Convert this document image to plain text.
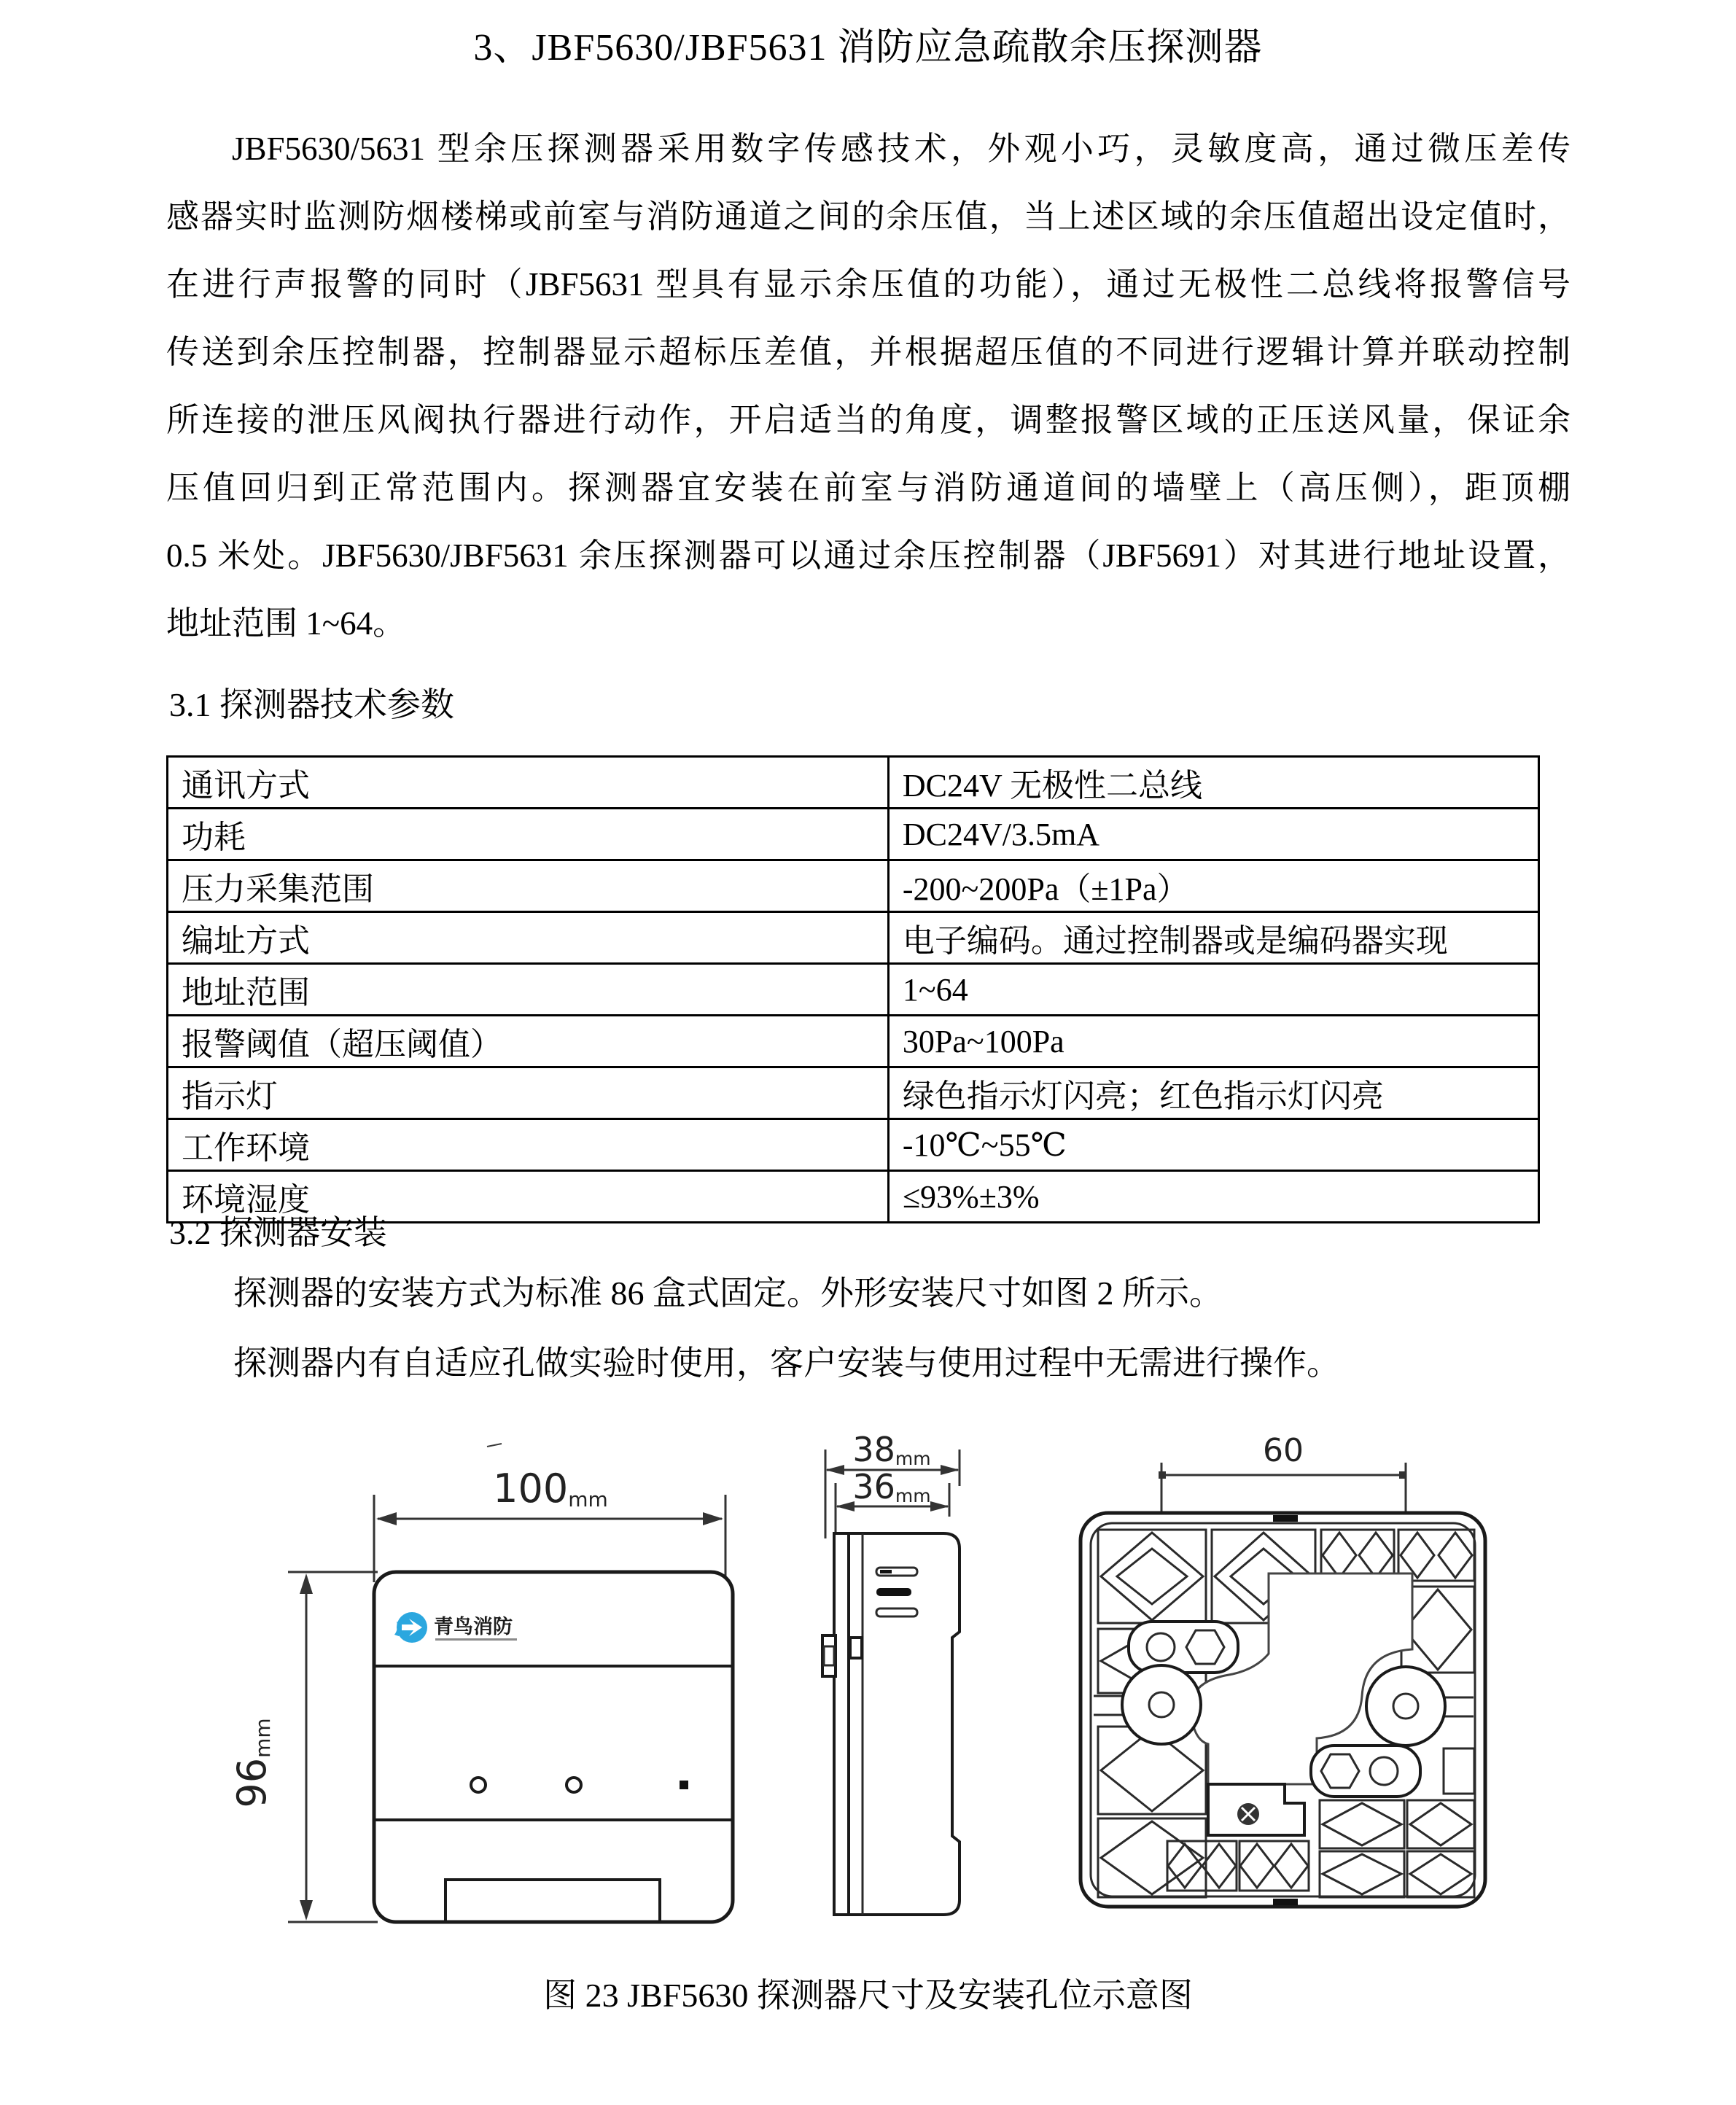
3、JBF5630/JBF5631 消防应急疏散余压探测器
JBF5630/5631 型余压探测器采用数字传感技术，外观小巧，灵敏度高，通过微压差传
感器实时监测防烟楼梯或前室与消防通道之间的余压值，当上述区域的余压值超出设定值时，
在进行声报警的同时（JBF5631 型具有显示余压值的功能），通过无极性二总线将报警信号
传送到余压控制器，控制器显示超标压差值，并根据超压值的不同进行逻辑计算并联动控制
所连接的泄压风阀执行器进行动作，开启适当的角度，调整报警区域的正压送风量，保证余
压值回归到正常范围内。探测器宜安装在前室与消防通道间的墙壁上（高压侧），距顶棚
0.5 米处。JBF5630/JBF5631 余压探测器可以通过余压控制器（JBF5691）对其进行地址设置，
地址范围 1~64。
3.1 探测器技术参数
通讯方式	DC24V 无极性二总线
功耗	DC24V/3.5mA
压力采集范围	-200~200Pa（±1Pa）
编址方式	电子编码。通过控制器或是编码器实现
地址范围	1~64
报警阈值（超压阈值）	30Pa~100Pa
指示灯	绿色指示灯闪亮；红色指示灯闪亮
工作环境	-10℃~55℃
环境湿度	≤93%±3%
3.2 探测器安装
探测器的安装方式为标准 86 盒式固定。外形安装尺寸如图 2 所示。
探测器内有自适应孔做实验时使用，客户安装与使用过程中无需进行操作。
100mm
96mm
青鸟消防
38mm
36mm
60
图 23 JBF5630 探测器尺寸及安装孔位示意图
